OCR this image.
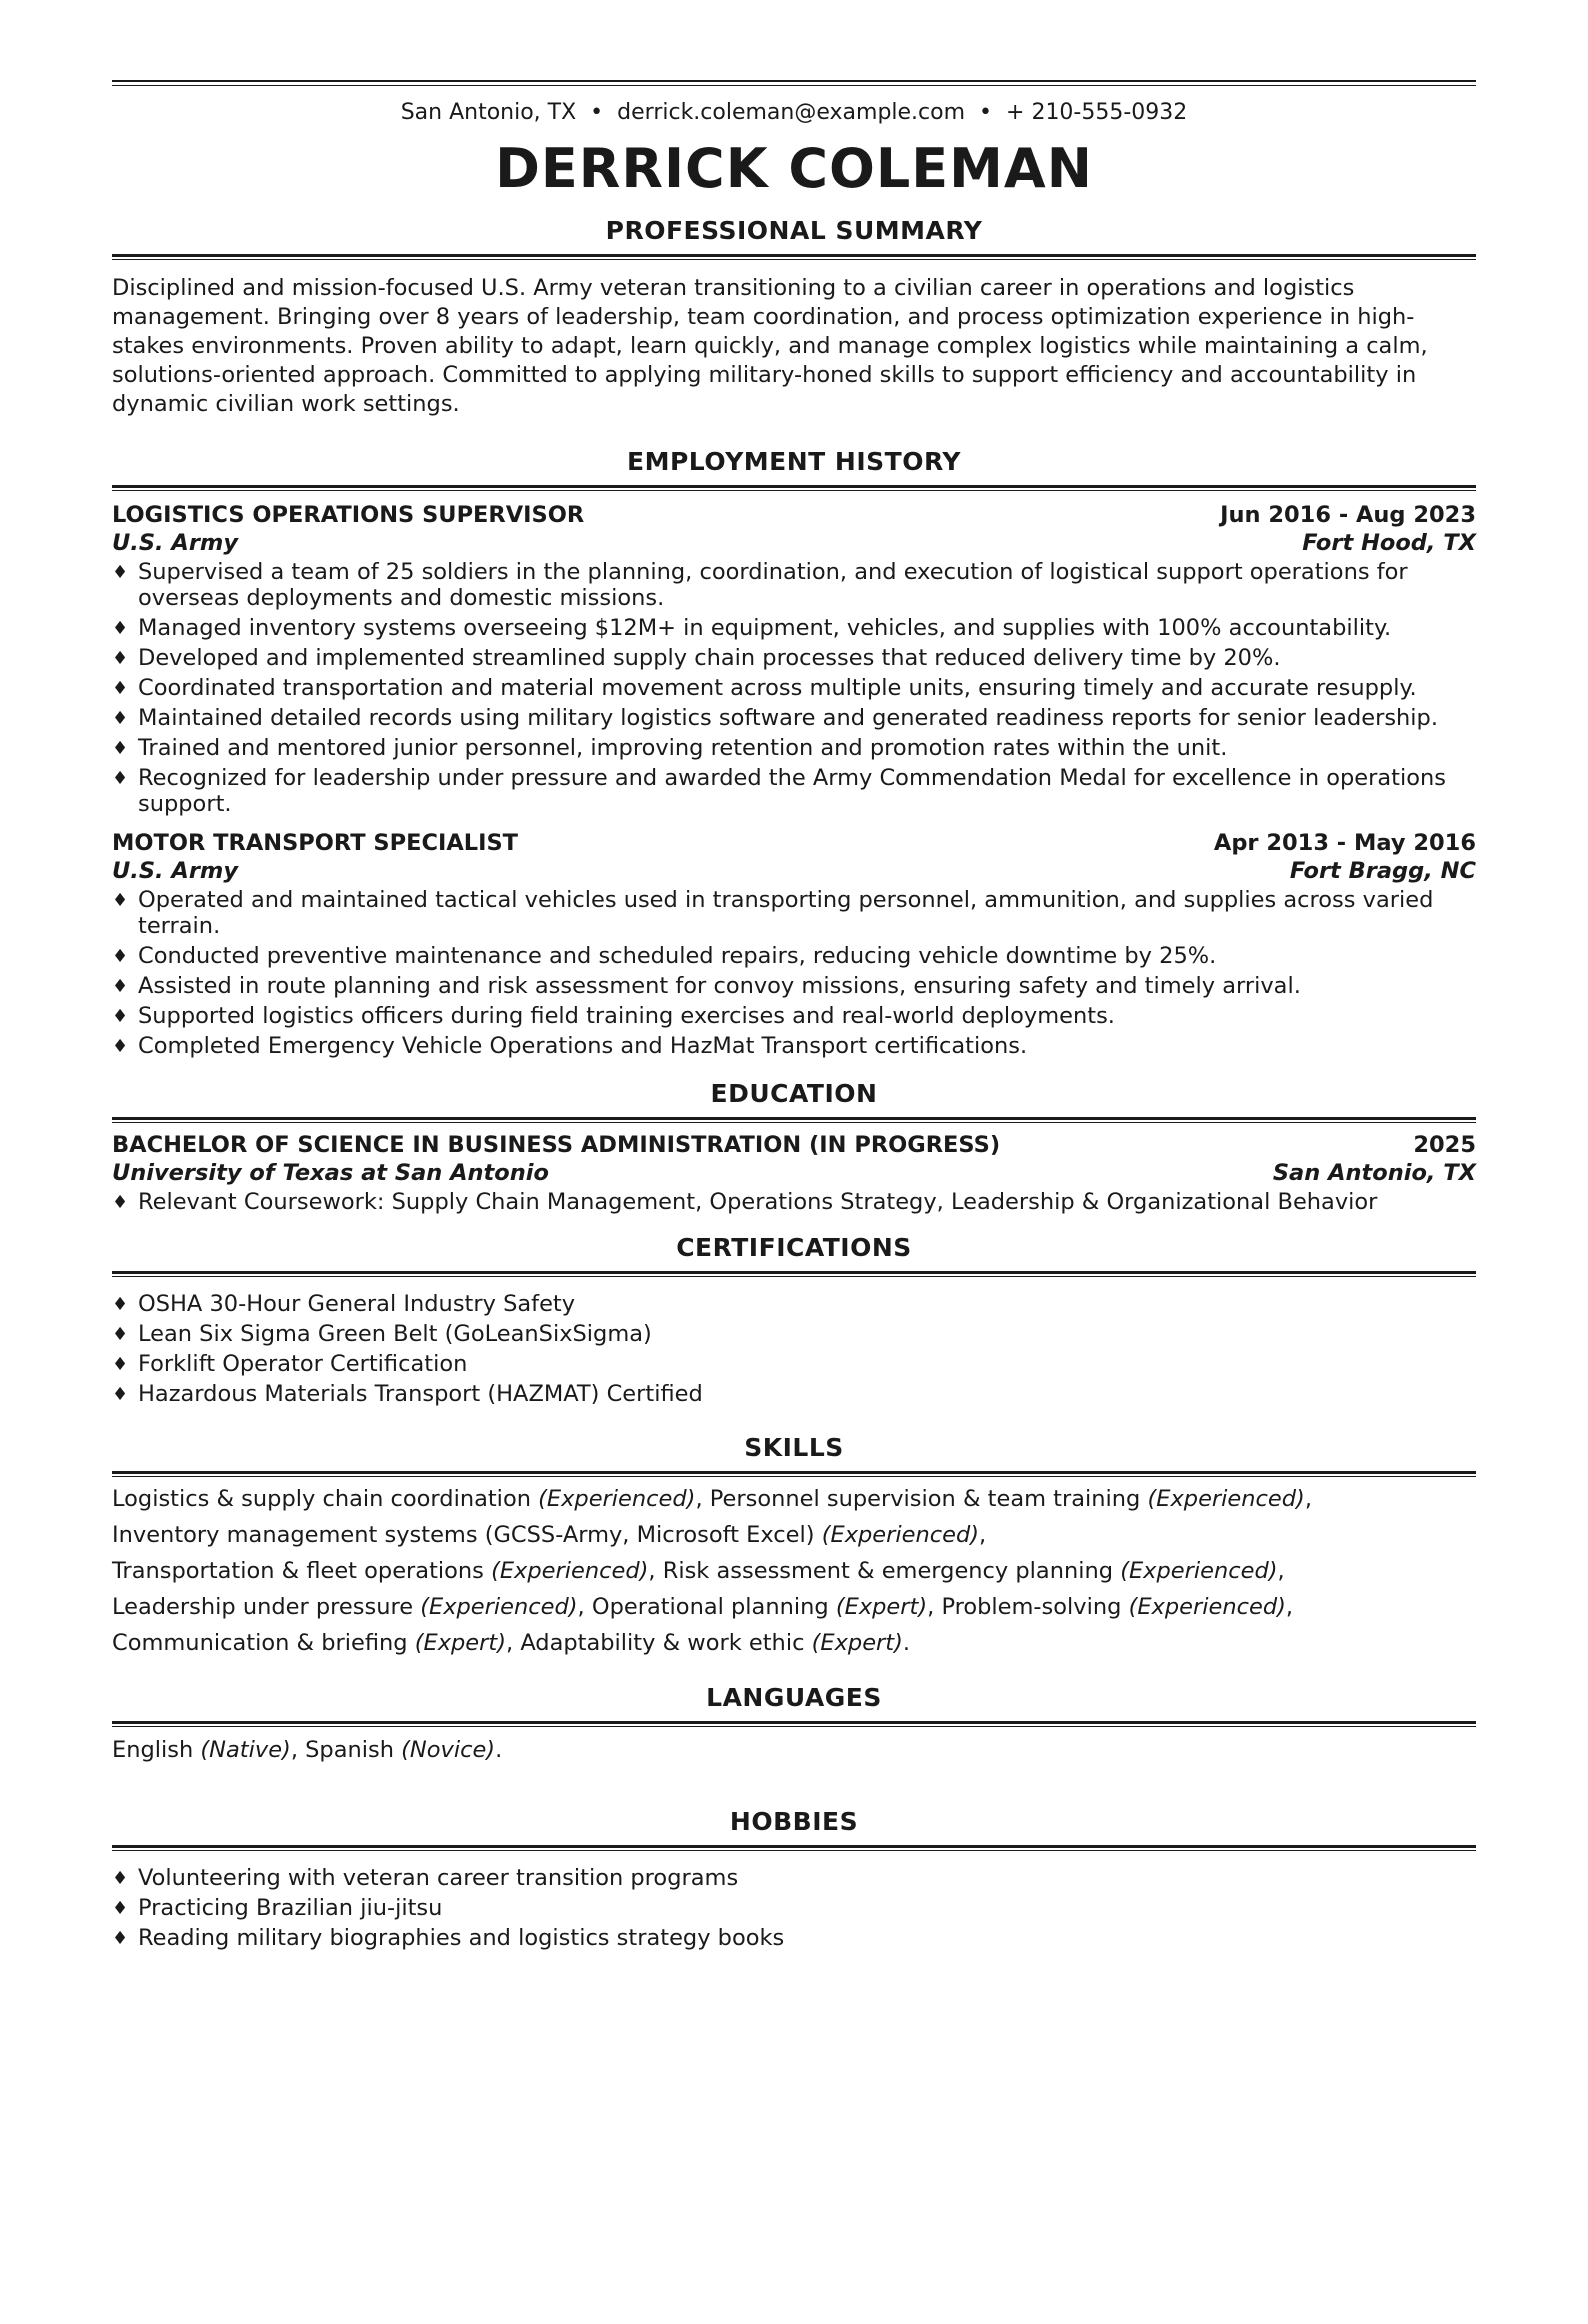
San Antonio, TX • derrick.coleman@example.com • + 210-555-0932
DERRICK COLEMAN
PROFESSIONAL SUMMARY
Disciplined and mission-focused U.S. Army veteran transitioning to a civilian career in operations and logistics management. Bringing over 8 years of leadership, team coordination, and process optimization experience in high-stakes environments. Proven ability to adapt, learn quickly, and manage complex logistics while maintaining a calm, solutions-oriented approach. Committed to applying military-honed skills to support efficiency and accountability in dynamic civilian work settings.
EMPLOYMENT HISTORY
LOGISTICS OPERATIONS SUPERVISOR	Jun 2016 - Aug 2023
U.S. Army	Fort Hood, TX
♦ Supervised a team of 25 soldiers in the planning, coordination, and execution of logistical support operations for overseas deployments and domestic missions.
♦ Managed inventory systems overseeing $12M+ in equipment, vehicles, and supplies with 100% accountability.
♦ Developed and implemented streamlined supply chain processes that reduced delivery time by 20%.
♦ Coordinated transportation and material movement across multiple units, ensuring timely and accurate resupply.
♦ Maintained detailed records using military logistics software and generated readiness reports for senior leadership.
♦ Trained and mentored junior personnel, improving retention and promotion rates within the unit.
♦ Recognized for leadership under pressure and awarded the Army Commendation Medal for excellence in operations support.
MOTOR TRANSPORT SPECIALIST	Apr 2013 - May 2016
U.S. Army	Fort Bragg, NC
♦ Operated and maintained tactical vehicles used in transporting personnel, ammunition, and supplies across varied terrain.
♦ Conducted preventive maintenance and scheduled repairs, reducing vehicle downtime by 25%.
♦ Assisted in route planning and risk assessment for convoy missions, ensuring safety and timely arrival.
♦ Supported logistics officers during field training exercises and real-world deployments.
♦ Completed Emergency Vehicle Operations and HazMat Transport certifications.
EDUCATION
BACHELOR OF SCIENCE IN BUSINESS ADMINISTRATION (IN PROGRESS)	2025
University of Texas at San Antonio	San Antonio, TX
♦ Relevant Coursework: Supply Chain Management, Operations Strategy, Leadership & Organizational Behavior
CERTIFICATIONS
♦ OSHA 30-Hour General Industry Safety
♦ Lean Six Sigma Green Belt (GoLeanSixSigma)
♦ Forklift Operator Certification
♦ Hazardous Materials Transport (HAZMAT) Certified
SKILLS
Logistics & supply chain coordination (Experienced), Personnel supervision & team training (Experienced),
Inventory management systems (GCSS-Army, Microsoft Excel) (Experienced),
Transportation & fleet operations (Experienced), Risk assessment & emergency planning (Experienced),
Leadership under pressure (Experienced), Operational planning (Expert), Problem-solving (Experienced),
Communication & briefing (Expert), Adaptability & work ethic (Expert).
LANGUAGES
English (Native), Spanish (Novice).
HOBBIES
♦ Volunteering with veteran career transition programs
♦ Practicing Brazilian jiu-jitsu
♦ Reading military biographies and logistics strategy books
